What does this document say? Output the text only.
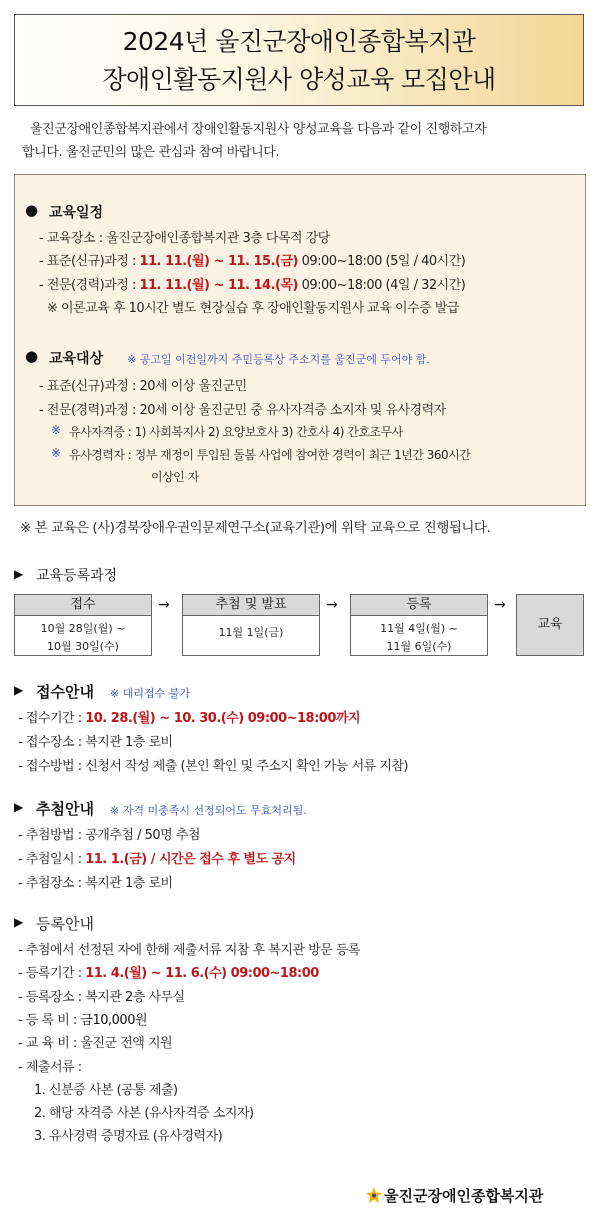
2024년 울진군장애인종합복지관
장애인활동지원사 양성교육 모집안내
울진군장애인종합복지관에서 장애인활동지원사 양성교육을 다음과 같이 진행하고자
합니다. 울진군민의 많은 관심과 참여 바랍니다.
● 교육일정
- 교육장소 : 울진군장애인종합복지관 3층 다목적 강당
- 표준(신규)과정 : 11. 11.(월) ~ 11. 15.(금) 09:00~18:00 (5일 / 40시간)
- 전문(경력)과정 : 11. 11.(월) ~ 11. 14.(목) 09:00~18:00 (4일 / 32시간)
※ 이론교육 후 10시간 별도 현장실습 후 장애인활동지원사 교육 이수증 발급
● 교육대상 ※ 공고일 이전일까지 주민등록상 주소지를 울진군에 두어야 함.
- 표준(신규)과정 : 20세 이상 울진군민
- 전문(경력)과정 : 20세 이상 울진군민 중 유사자격증 소지자 및 유사경력자
※ 유사자격증 : 1) 사회복지사 2) 요양보호사 3) 간호사 4) 간호조무사
※ 유사경력자 : 정부 재정이 투입된 돌봄 사업에 참여한 경력이 최근 1년간 360시간
이상인 자
※ 본 교육은 (사)경북장애우권익문제연구소(교육기관)에 위탁 교육으로 진행됩니다.
▶ 교육등록과정
접수
10월 28일(월) ~
10월 30일(수)
→	추첨 및 발표
11월 1일(금)
→	등록
11월 4일(월) ~
11월 6일(수)
→
교육
▶ 접수안내 ※ 대리접수 불가
- 접수기간 : 10. 28.(월) ~ 10. 30.(수) 09:00~18:00까지
- 접수장소 : 복지관 1층 로비
- 접수방법 : 신청서 작성 제출 (본인 확인 및 주소지 확인 가능 서류 지참)
▶ 추첨안내 ※ 자격 미충족시 선정되어도 무효처리됨.
- 추첨방법 : 공개추첨 / 50명 추첨
- 추첨일시 : 11. 1.(금) / 시간은 접수 후 별도 공지
- 추첨장소 : 복지관 1층 로비
▶ 등록안내
- 추첨에서 선정된 자에 한해 제출서류 지참 후 복지관 방문 등록
- 등록기간 : 11. 4.(월) ~ 11. 6.(수) 09:00~18:00
- 등록장소 : 복지관 2층 사무실
- 등 록 비 : 금10,000원
- 교 육 비 : 울진군 전액 지원
- 제출서류 :
1. 신분증 사본 (공통 제출)
2. 해당 자격증 사본 (유사자격증 소지자)
3. 유사경력 증명자료 (유사경력자)
울진군장애인종합복지관
